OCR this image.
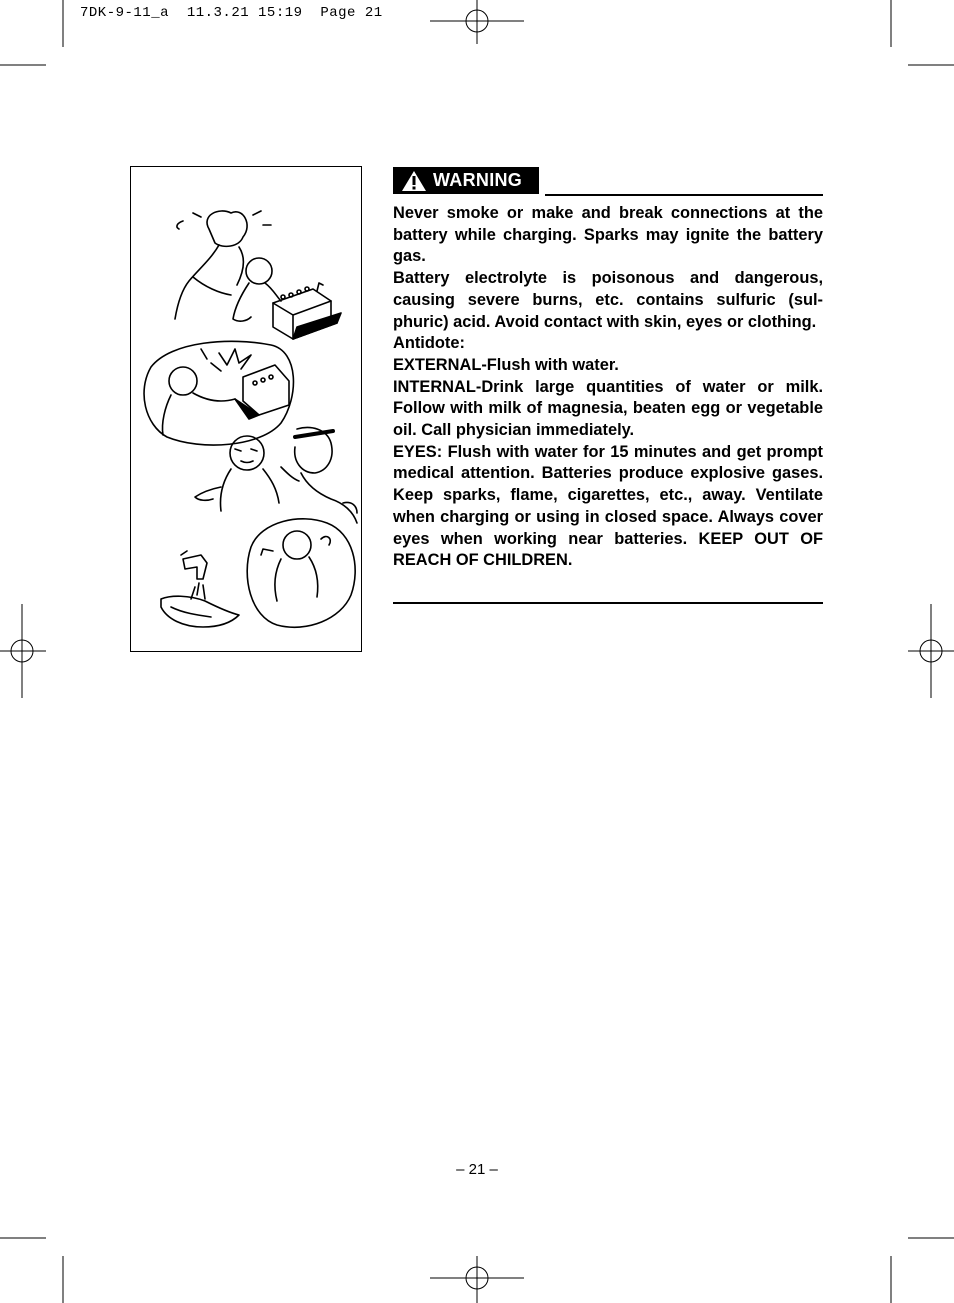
7DK-9-11_a  11.3.21 15:19  Page 21
WARNING

Never smoke or make and break connections at the battery while charging. Sparks may ignite the battery gas.

Battery electrolyte is poisonous and dangerous, causing severe burns, etc. contains sulfuric (sulphuric) acid. Avoid contact with skin, eyes or clothing.

Antidote:

EXTERNAL-Flush with water.

INTERNAL-Drink large quantities of water or milk. Follow with milk of magnesia, beaten egg or vegetable oil. Call physician immediately.

EYES: Flush with water for 15 minutes and get prompt medical attention. Batteries produce explosive gases. Keep sparks, flame, cigarettes, etc., away. Ventilate when charging or using in closed space. Always cover eyes when working near batteries. KEEP OUT OF REACH OF CHILDREN.

– 21 –
